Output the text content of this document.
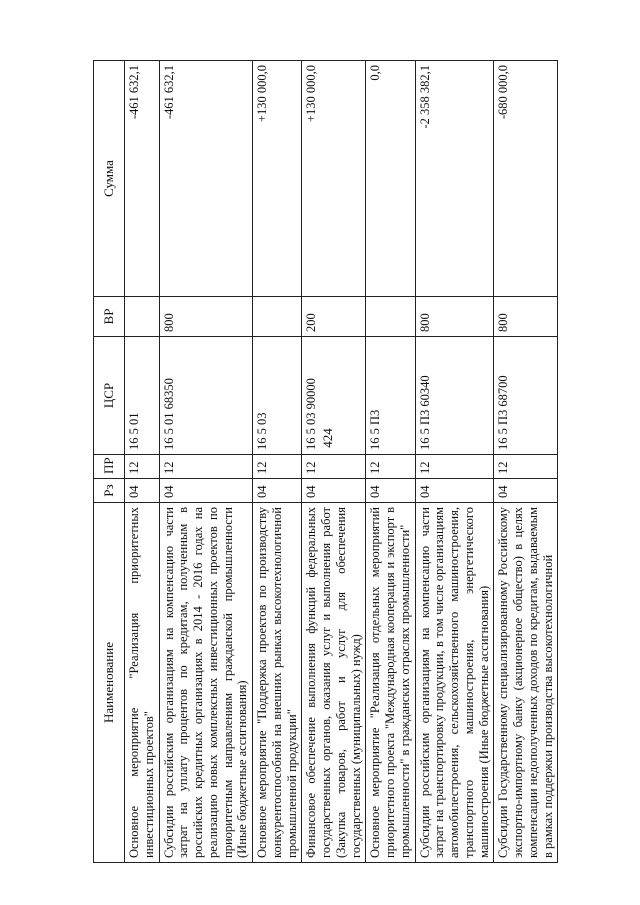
424
Наименование	Рз	ПР	ЦСР	ВР	Сумма
Основное мероприятие "Реализация приоритетных инвестиционных проектов"	04	12	16 5 01		-461 632,1
Субсидии российским организациям на компенсацию части затрат на уплату процентов по кредитам, полученным в российских кредитных организациях в 2014 - 2016 годах на реализацию новых комплексных инвестиционных проектов по приоритетным направлениям гражданской промышленности (Иные бюджетные ассигнования)	04	12	16 5 01 68350	800	-461 632,1
Основное мероприятие "Поддержка проектов по производству конкурентоспособной на внешних рынках высокотехнологичной промышленной продукции"	04	12	16 5 03		+130 000,0
Финансовое обеспечение выполнения функций федеральных государственных органов, оказания услуг и выполнения работ (Закупка товаров, работ и услуг для обеспечения государственных (муниципальных) нужд)	04	12	16 5 03 90000	200	+130 000,0
Основное мероприятие "Реализация отдельных мероприятий приоритетного проекта "Международная кооперация и экспорт в промышленности" в гражданских отраслях промышленности"	04	12	16 5 П3		0,0
Субсидии российским организациям на компенсацию части затрат на транспортировку продукции, в том числе организациям автомобилестроения, сельскохозяйственного машиностроения, транспортного машиностроения, энергетического машиностроения (Иные бюджетные ассигнования)	04	12	16 5 П3 60340	800	-2 358 382,1
Субсидии Государственному специализированному Российскому экспортно-импортному банку (акционерное общество) в целях компенсации недополученных доходов по кредитам, выдаваемым в рамках поддержки производства высокотехнологичной	04	12	16 5 П3 68700	800	-680 000,0
